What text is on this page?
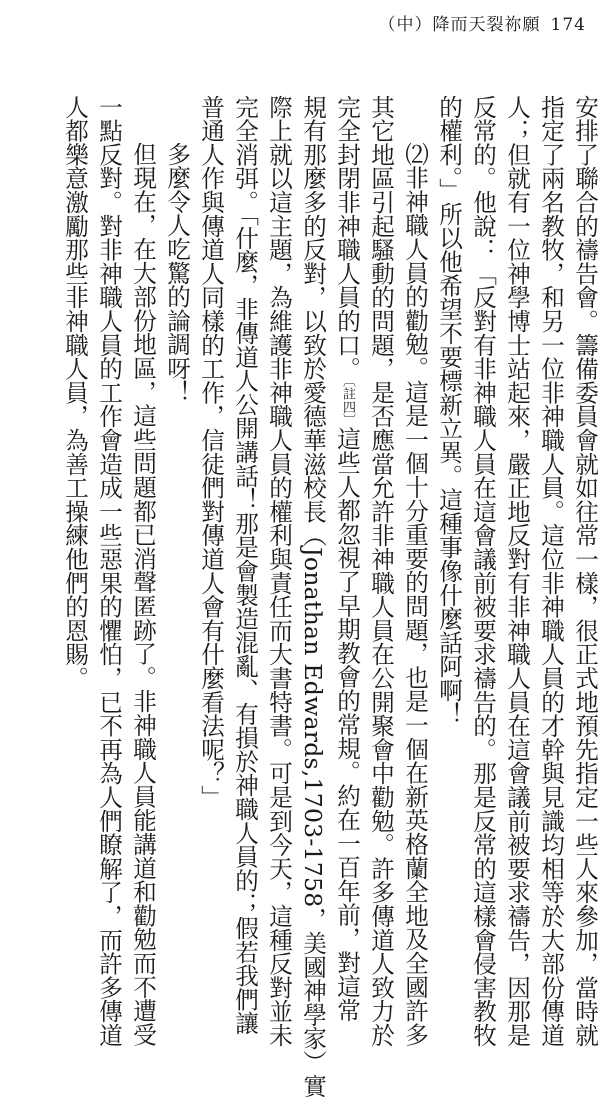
（中）降而天裂祢願 174
安排了聯合的禱告會。籌備委員會就如往常一樣，很正式地預先指定一些人來參加，當時就
指定了兩名教牧，和另一位非神職人員。這位非神職人員的才幹與見識均相等於大部份傳道
人；但就有一位神學博士站起來，嚴正地反對有非神職人員在這會議前被要求禱告，因那是
反常的。他說：「反對有非神職人員在這會議前被要求禱告的。那是反常的這樣會侵害教牧
的權利。」所以他希望不要標新立異。這種事像什麼話阿啊！
⑵非神職人員的勸勉。這是一個十分重要的問題，也是一個在新英格蘭全地及全國許多
其它地區引起騷動的問題，是否應當允許非神職人員在公開聚會中勸勉。許多傳道人致力於
完全封閉非神職人員的口。〔註四〕這些人都忽視了早期教會的常規。約在一百年前，對這常
規有那麼多的反對，以致於愛德華滋校長（Jonathan Edwards,1703-1758，美國神學家）實
際上就以這主題，為維護非神職人員的權利與責任而大書特書。可是到今天，這種反對並未
完全消弭。「什麼，非傳道人公開講話！那是會製造混亂、有損於神職人員的；假若我們讓
普通人作與傳道人同樣的工作，信徒們對傳道人會有什麼看法呢？」
多麼令人吃驚的論調呀！
但現在，在大部份地區，這些問題都已消聲匿跡了。非神職人員能講道和勸勉而不遭受
一點反對。對非神職人員的工作會造成一些惡果的懼怕，已不再為人們瞭解了，而許多傳道
人都樂意激勵那些非神職人員，為善工操練他們的恩賜。
